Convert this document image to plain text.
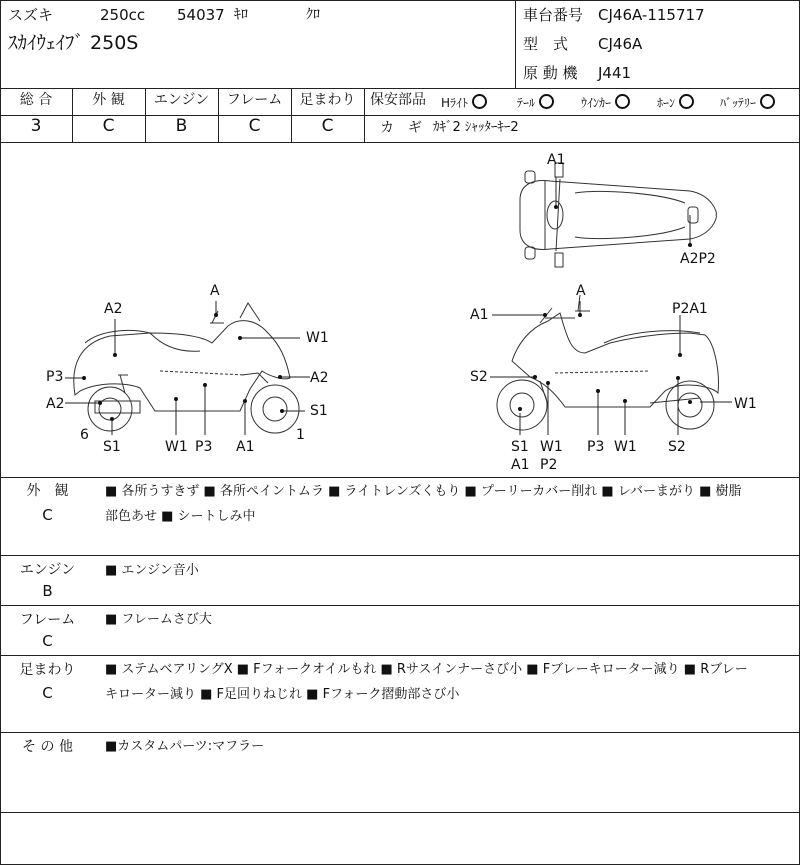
スズキ	250cc 54037 ｷﾛ	ｸﾛ
ｽｶｲｳｪｲﾌﾞ 250S
車台番号 CJ46A-115717
型　式 CJ46A
原 動 機 J441
総 合
3
外 観
C
エンジン
B
フレーム
C
足まわり
C
保安部品 Hﾗｲﾄ	ﾃｰﾙ	ｳｲﾝｶｰ	ﾎｰﾝ	ﾊﾞｯﾃﾘｰ
カ　ギ ｶｷﾞ2 ｼｬｯﾀｰｷｰ2
A1
A2P2
A
A2
W1
P3	A2
A2	S1
6
S1	W1 P3 A1
1
A
A1	P2A1
S2
W1
S1 W1 P3 W1 S2
A1 P2
外　観
C
■ 各所うすきず ■ 各所ペイントムラ ■ ライトレンズくもり ■ プーリーカバー削れ ■ レバーまがり ■ 樹脂
部色あせ ■ シートしみ中
エンジン
B
■ エンジン音小
フレーム
C
■ フレームさび大
足まわり
C
■ ステムベアリングX ■ Fフォークオイルもれ ■ Rサスインナーさび小 ■ Fブレーキローター減り ■ Rブレー
キローター減り ■ F足回りねじれ ■ Fフォーク摺動部さび小
そ の 他	■カスタムパーツ:マフラー
